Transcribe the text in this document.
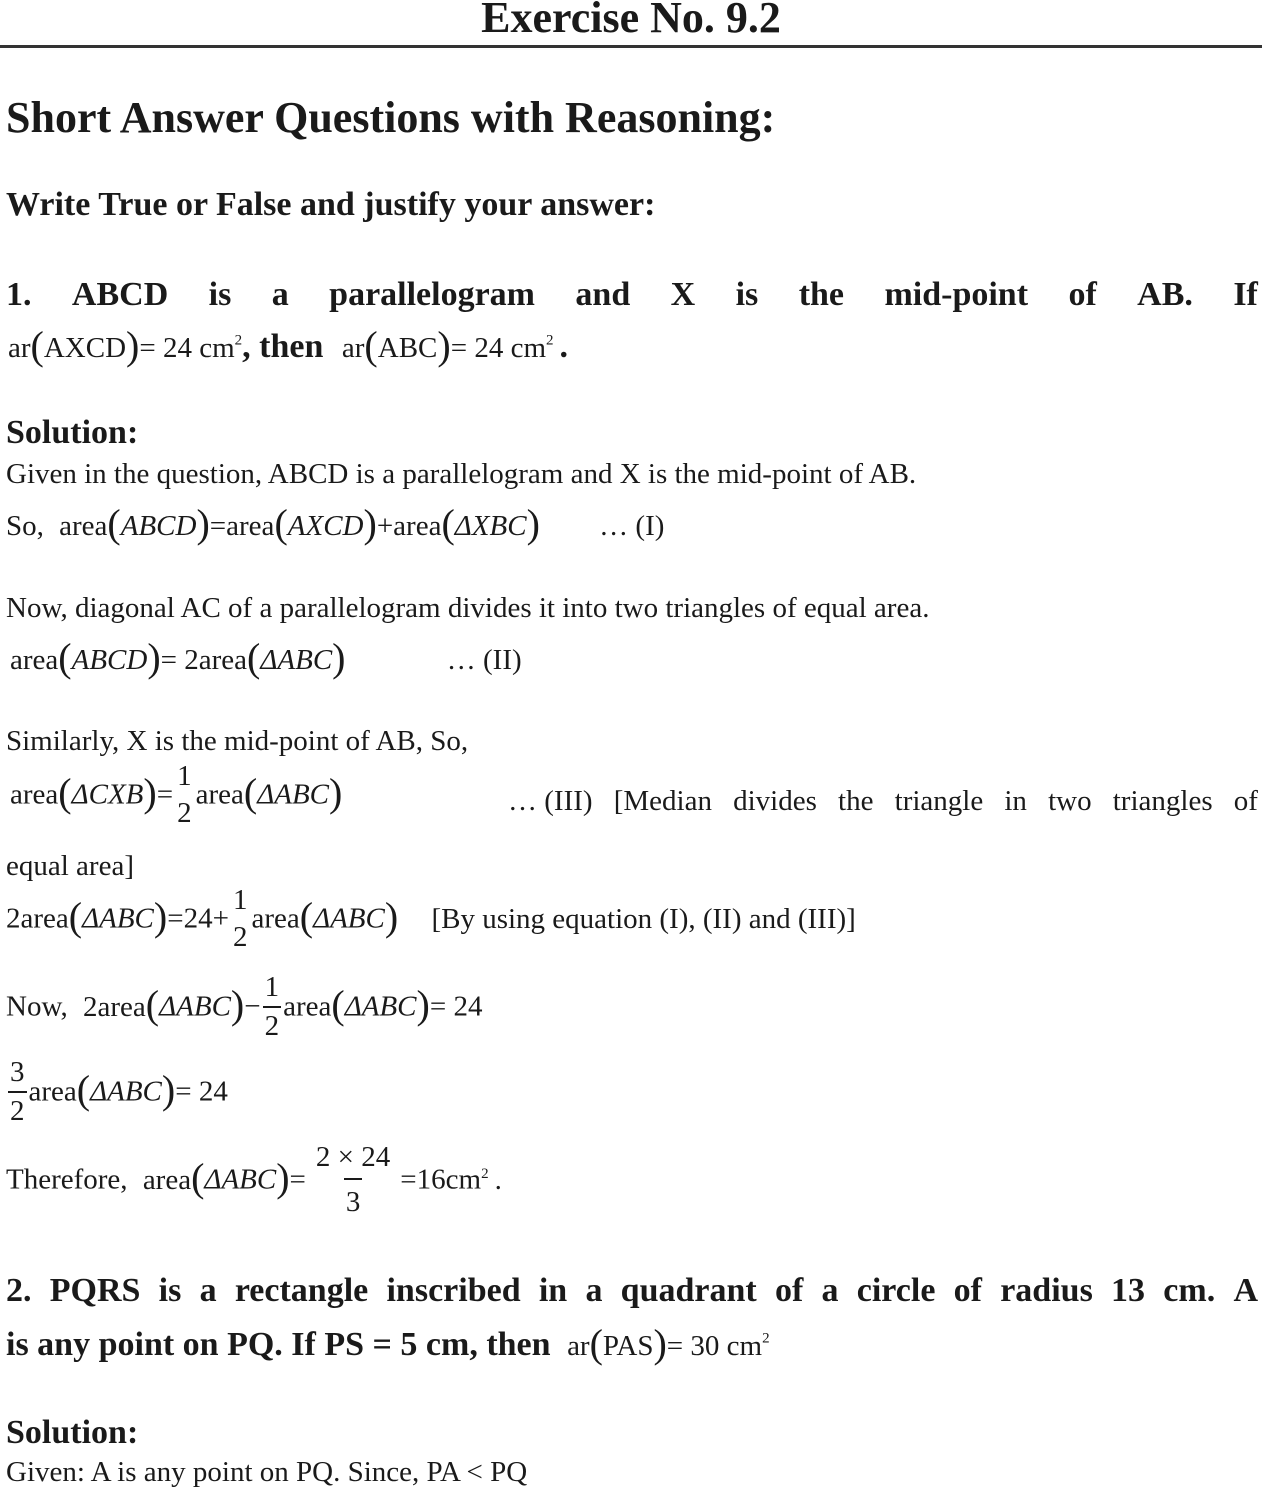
Exercise No. 9.2
Short Answer Questions with Reasoning:
Write True or False and justify your answer:
1. ABCD is a parallelogram and X is the mid-point of AB. If
ar(AXCD)= 24 $cm^2$, then ar(ABC)= 24 $cm^2$ .
Solution:
Given in the question, ABCD is a parallelogram and X is the mid-point of AB.
So, area(ABCD)=area(AXCD)+area(ΔXBC) … (I)
Now, diagonal AC of a parallelogram divides it into two triangles of equal area.
area(ABCD)= 2area(ΔABC)	… (II)
Similarly, X is the mid-point of AB, So,
area(ΔCXB)=
1
2
area(ΔABC)	… (III) [Median divides the triangle in two triangles of
equal area]
2area(ΔABC)=24+
1
2
area(ΔABC) [By using equation (I), (II) and (III)]
Now, 2area(ΔABC)− $\frac{1}{2}$ area(ΔABC)= 24
$\frac{3}{2}$ area(ΔABC)= 24
Therefore, area(ΔABC)= $\frac{2 \times 24}{3} =16cm^2$ .
2. PQRS is a rectangle inscribed in a quadrant of a circle of radius 13 cm. A
is any point on PQ. If PS = 5 cm, then ar(PAS)= 30 $cm^2$
Solution:
Given: A is any point on PQ. Since, PA < PQ
